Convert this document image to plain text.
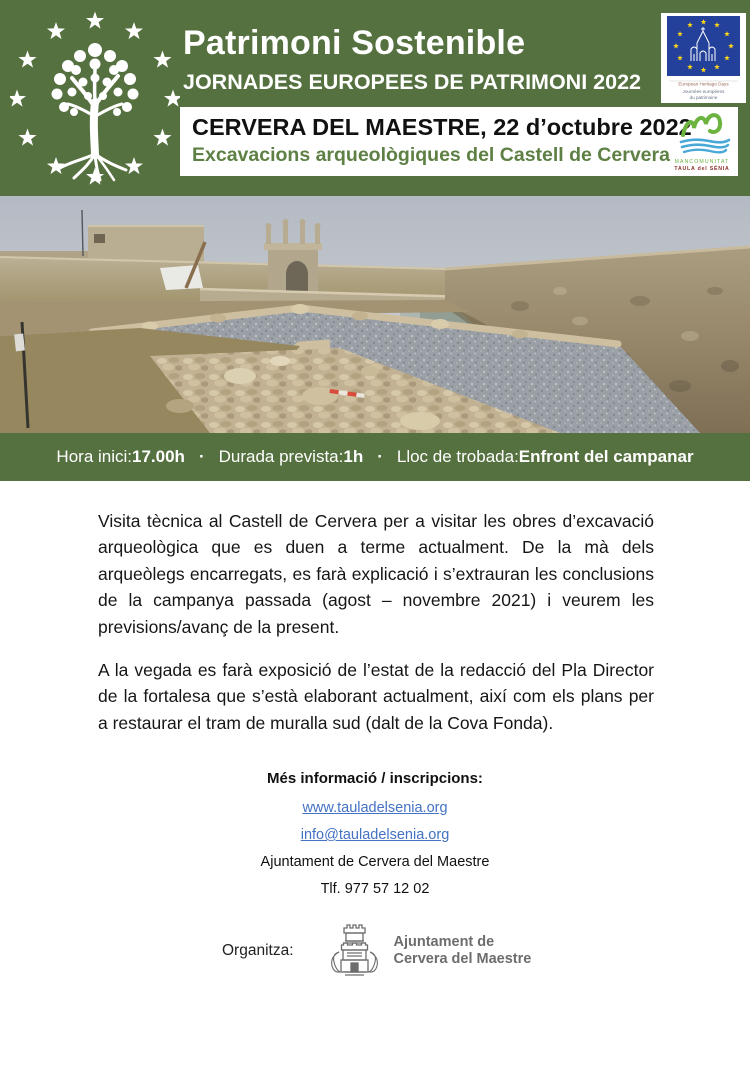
Patrimoni Sostenible
JORNADES EUROPEES DE PATRIMONI 2022
CERVERA DEL MAESTRE, 22 d’octubre 2022
Excavacions arqueològiques del Castell de Cervera MANCOMUNITAT
TAULA del SÉNIA
European Heritage Days
Journées européens
du patrimoine
Hora inici: 17.00h · Durada prevista: 1h · Lloc de trobada: Enfront del campanar

Visita tècnica al Castell de Cervera per a visitar les obres d’excavació arqueològica que es duen a terme actualment. De la mà dels arqueòlegs encarregats, es farà explicació i s’extrauran les conclusions de la campanya passada (agost – novembre 2021) i veurem les previsions/avanç de la present.

A la vegada es farà exposició de l’estat de la redacció del Pla Director de la fortalesa que s’està elaborant actualment, així com els plans per a restaurar el tram de muralla sud (dalt de la Cova Fonda).

Més informació / inscripcions:
www.tauladelsenia.org
info@tauladelsenia.org
Ajuntament de Cervera del Maestre
Tlf. 977 57 12 02
Organitza:	Ajuntament de
Cervera del Maestre
